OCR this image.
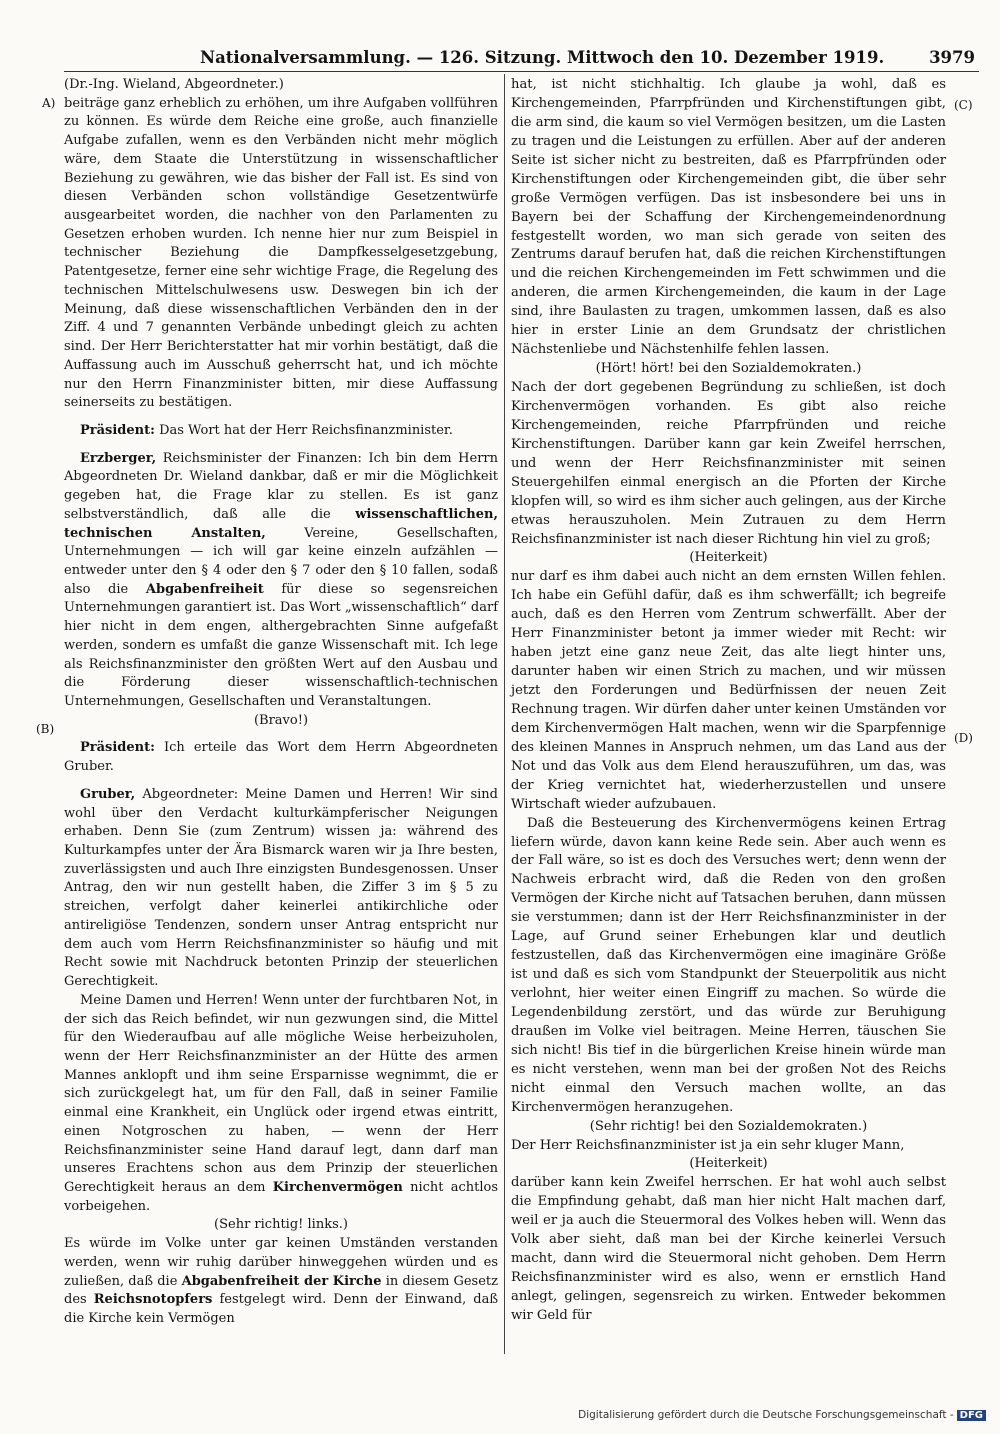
Nationalversammlung. — 126. Sitzung. Mittwoch den 10. Dezember 1919.	3979
A)
(B)
(C)
(D)

(Dr.-Ing. Wieland, Abgeordneter.)

beiträge ganz erheblich zu erhöhen, um ihre Aufgaben vollführen zu können. Es würde dem Reiche eine große, auch finanzielle Aufgabe zufallen, wenn es den Verbänden nicht mehr möglich wäre, dem Staate die Unterstützung in wissenschaftlicher Beziehung zu gewähren, wie das bisher der Fall ist. Es sind von diesen Verbänden schon vollständige Gesetzentwürfe ausgearbeitet worden, die nachher von den Parlamenten zu Gesetzen erhoben wurden. Ich nenne hier nur zum Beispiel in technischer Beziehung die Dampfkesselgesetzgebung, Patentgesetze, ferner eine sehr wichtige Frage, die Regelung des technischen Mittelschulwesens usw. Deswegen bin ich der Meinung, daß diese wissenschaftlichen Verbänden den in der Ziff. 4 und 7 genannten Verbände unbedingt gleich zu achten sind. Der Herr Berichterstatter hat mir vorhin bestätigt, daß die Auffassung auch im Ausschuß geherrscht hat, und ich möchte nur den Herrn Finanzminister bitten, mir diese Auffassung seinerseits zu bestätigen.

Präsident: Das Wort hat der Herr Reichsfinanzminister.

Erzberger, Reichsminister der Finanzen: Ich bin dem Herrn Abgeordneten Dr. Wieland dankbar, daß er mir die Möglichkeit gegeben hat, die Frage klar zu stellen. Es ist ganz selbstverständlich, daß alle die wissenschaftlichen, technischen Anstalten,	Vereine, Gesellschaften, Unternehmungen — ich will gar keine einzeln aufzählen — entweder unter den § 4 oder den § 7 oder den § 10 fallen, sodaß also die Abgabenfreiheit für diese so segensreichen Unternehmungen garantiert ist. Das Wort „wissenschaftlich“ darf hier nicht in dem engen, althergebrachten Sinne aufgefaßt werden, sondern es umfaßt die ganze Wissenschaft mit. Ich lege als Reichsfinanzminister den größten Wert auf den Ausbau und die Förderung dieser wissenschaftlich-technischen Unternehmungen, Gesellschaften und Veranstaltungen.

(Bravo!)

Präsident: Ich erteile das Wort dem Herrn Abgeordneten Gruber.

Gruber, Abgeordneter: Meine Damen und Herren! Wir sind wohl über den Verdacht kulturkämpferischer Neigungen erhaben. Denn Sie (zum Zentrum) wissen ja: während des Kulturkampfes unter der Ära Bismarck waren wir ja Ihre besten, zuverlässigsten und auch Ihre einzigsten Bundesgenossen. Unser Antrag, den wir nun gestellt haben, die Ziffer 3 im § 5 zu streichen, verfolgt daher keinerlei antikirchliche oder antireligiöse Tendenzen, sondern unser Antrag entspricht nur dem auch vom Herrn Reichsfinanzminister so häufig und mit Recht sowie mit Nachdruck betonten Prinzip der steuerlichen Gerechtigkeit.

Meine Damen und Herren! Wenn unter der furchtbaren Not, in der sich das Reich befindet, wir nun gezwungen sind, die Mittel für den Wiederaufbau auf alle mögliche Weise herbeizuholen, wenn der Herr Reichsfinanzminister an der Hütte des armen Mannes anklopft und ihm seine Ersparnisse wegnimmt, die er sich zurückgelegt hat, um für den Fall, daß in seiner Familie einmal eine Krankheit, ein Unglück oder irgend etwas eintritt, einen Notgroschen zu haben, — wenn der Herr Reichsfinanzminister seine Hand darauf legt, dann darf man unseres Erachtens schon aus dem Prinzip der steuerlichen Gerechtigkeit heraus an dem Kirchenvermögen nicht achtlos vorbeigehen.

(Sehr richtig! links.)

Es würde im Volke unter gar keinen Umständen verstanden werden, wenn wir ruhig darüber hinweggehen würden und es zuließen, daß die Abgabenfreiheit der Kirche in diesem Gesetz des Reichsnotopfers festgelegt wird. Denn der Einwand, daß die Kirche kein Vermögen

hat, ist nicht stichhaltig. Ich glaube ja wohl, daß es Kirchengemeinden, Pfarrpfründen und Kirchenstiftungen gibt, die arm sind, die kaum so viel Vermögen besitzen, um die Lasten zu tragen und die Leistungen zu erfüllen. Aber auf der anderen Seite ist sicher nicht zu bestreiten, daß es Pfarrpfründen oder Kirchenstiftungen oder Kirchengemeinden gibt, die über sehr große Vermögen verfügen. Das ist insbesondere bei uns in Bayern bei der Schaffung der Kirchengemeindenordnung festgestellt worden, wo man sich gerade von seiten des Zentrums darauf berufen hat, daß die reichen Kirchenstiftungen und die reichen Kirchengemeinden im Fett schwimmen und die anderen, die armen Kirchengemeinden, die kaum in der Lage sind, ihre Baulasten zu tragen, umkommen lassen, daß es also hier in erster Linie an dem Grundsatz der christlichen Nächstenliebe und Nächstenhilfe fehlen lassen.

(Hört! hört! bei den Sozialdemokraten.)

Nach der dort gegebenen Begründung zu schließen, ist doch Kirchenvermögen vorhanden. Es gibt also reiche Kirchengemeinden, reiche Pfarrpfründen und reiche Kirchenstiftungen. Darüber kann gar kein Zweifel herrschen, und wenn der Herr Reichsfinanzminister mit seinen Steuergehilfen einmal energisch an die Pforten der Kirche klopfen will, so wird es ihm sicher auch gelingen, aus der Kirche etwas herauszuholen. Mein Zutrauen zu dem Herrn Reichsfinanzminister ist nach dieser Richtung hin viel zu groß;

(Heiterkeit)

nur darf es ihm dabei auch nicht an dem ernsten Willen fehlen. Ich habe ein Gefühl dafür, daß es ihm schwerfällt; ich begreife auch, daß es den Herren vom Zentrum schwerfällt. Aber der Herr Finanzminister betont ja immer wieder mit Recht: wir haben jetzt eine ganz neue Zeit, das alte liegt hinter uns, darunter haben wir einen Strich zu machen, und wir müssen jetzt den Forderungen und Bedürfnissen der neuen Zeit Rechnung tragen. Wir dürfen daher unter keinen Umständen vor dem Kirchenvermögen Halt machen, wenn wir die Sparpfennige des kleinen Mannes in Anspruch nehmen, um das Land aus der Not und das Volk aus dem Elend herauszuführen, um das, was der Krieg vernichtet hat, wiederherzustellen und unsere Wirtschaft wieder aufzubauen.

Daß die Besteuerung des Kirchenvermögens keinen Ertrag liefern würde, davon kann keine Rede sein. Aber auch wenn es der Fall wäre, so ist es doch des Versuches wert; denn wenn der Nachweis erbracht wird, daß die Reden von den großen Vermögen der Kirche nicht auf Tatsachen beruhen, dann müssen sie verstummen; dann ist der Herr Reichsfinanzminister in der Lage, auf Grund seiner Erhebungen klar und deutlich festzustellen, daß das Kirchenvermögen eine imaginäre Größe ist und daß es sich vom Standpunkt der Steuerpolitik aus nicht verlohnt, hier weiter einen Eingriff zu machen. So würde die Legendenbildung zerstört, und das würde zur Beruhigung draußen im Volke viel beitragen. Meine Herren, täuschen Sie sich nicht! Bis tief in die bürgerlichen Kreise hinein würde man es nicht verstehen, wenn man bei der großen Not des Reichs nicht einmal den Versuch machen wollte, an das Kirchenvermögen heranzugehen.

(Sehr richtig! bei den Sozialdemokraten.)

Der Herr Reichsfinanzminister ist ja ein sehr kluger Mann,

(Heiterkeit)

darüber kann kein Zweifel herrschen. Er hat wohl auch selbst die Empfindung gehabt, daß man hier nicht Halt machen darf, weil er ja auch die Steuermoral des Volkes heben will. Wenn das Volk aber sieht, daß man bei der Kirche keinerlei Versuch macht, dann wird die Steuermoral nicht gehoben. Dem Herrn Reichsfinanzminister wird es also, wenn er ernstlich Hand anlegt, gelingen, segensreich zu wirken. Entweder bekommen wir Geld für

Digitalisierung gefördert durch die Deutsche Forschungsgemeinschaft - DFG
